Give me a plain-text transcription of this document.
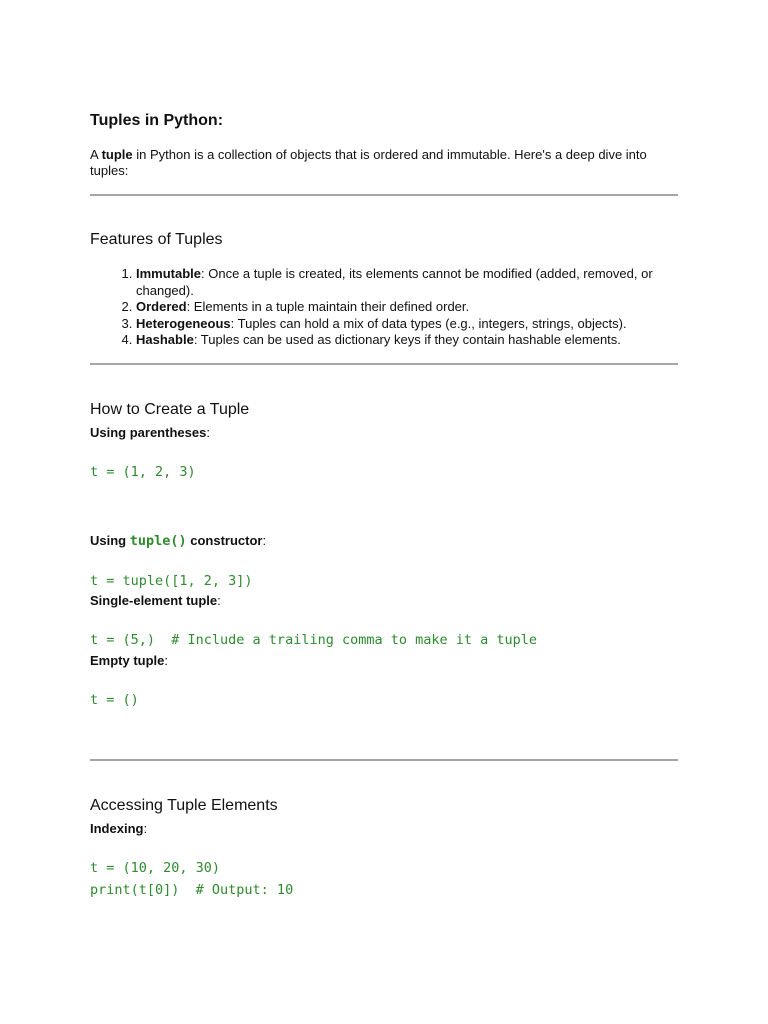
Tuples in Python:

A tuple in Python is a collection of objects that is ordered and immutable. Here's a deep dive into tuples:

Features of Tuples
1. Immutable: Once a tuple is created, its elements cannot be modified (added, removed, or changed).
2. Ordered: Elements in a tuple maintain their defined order.
3. Heterogeneous: Tuples can hold a mix of data types (e.g., integers, strings, objects).
4. Hashable: Tuples can be used as dictionary keys if they contain hashable elements.
How to Create a Tuple
Using parentheses:
t = (1, 2, 3)
Using tuple() constructor:
t = tuple([1, 2, 3])
Single-element tuple:
t = (5,)  # Include a trailing comma to make it a tuple
Empty tuple:
t = ()
Accessing Tuple Elements
Indexing:
t = (10, 20, 30)
print(t[0])  # Output: 10
